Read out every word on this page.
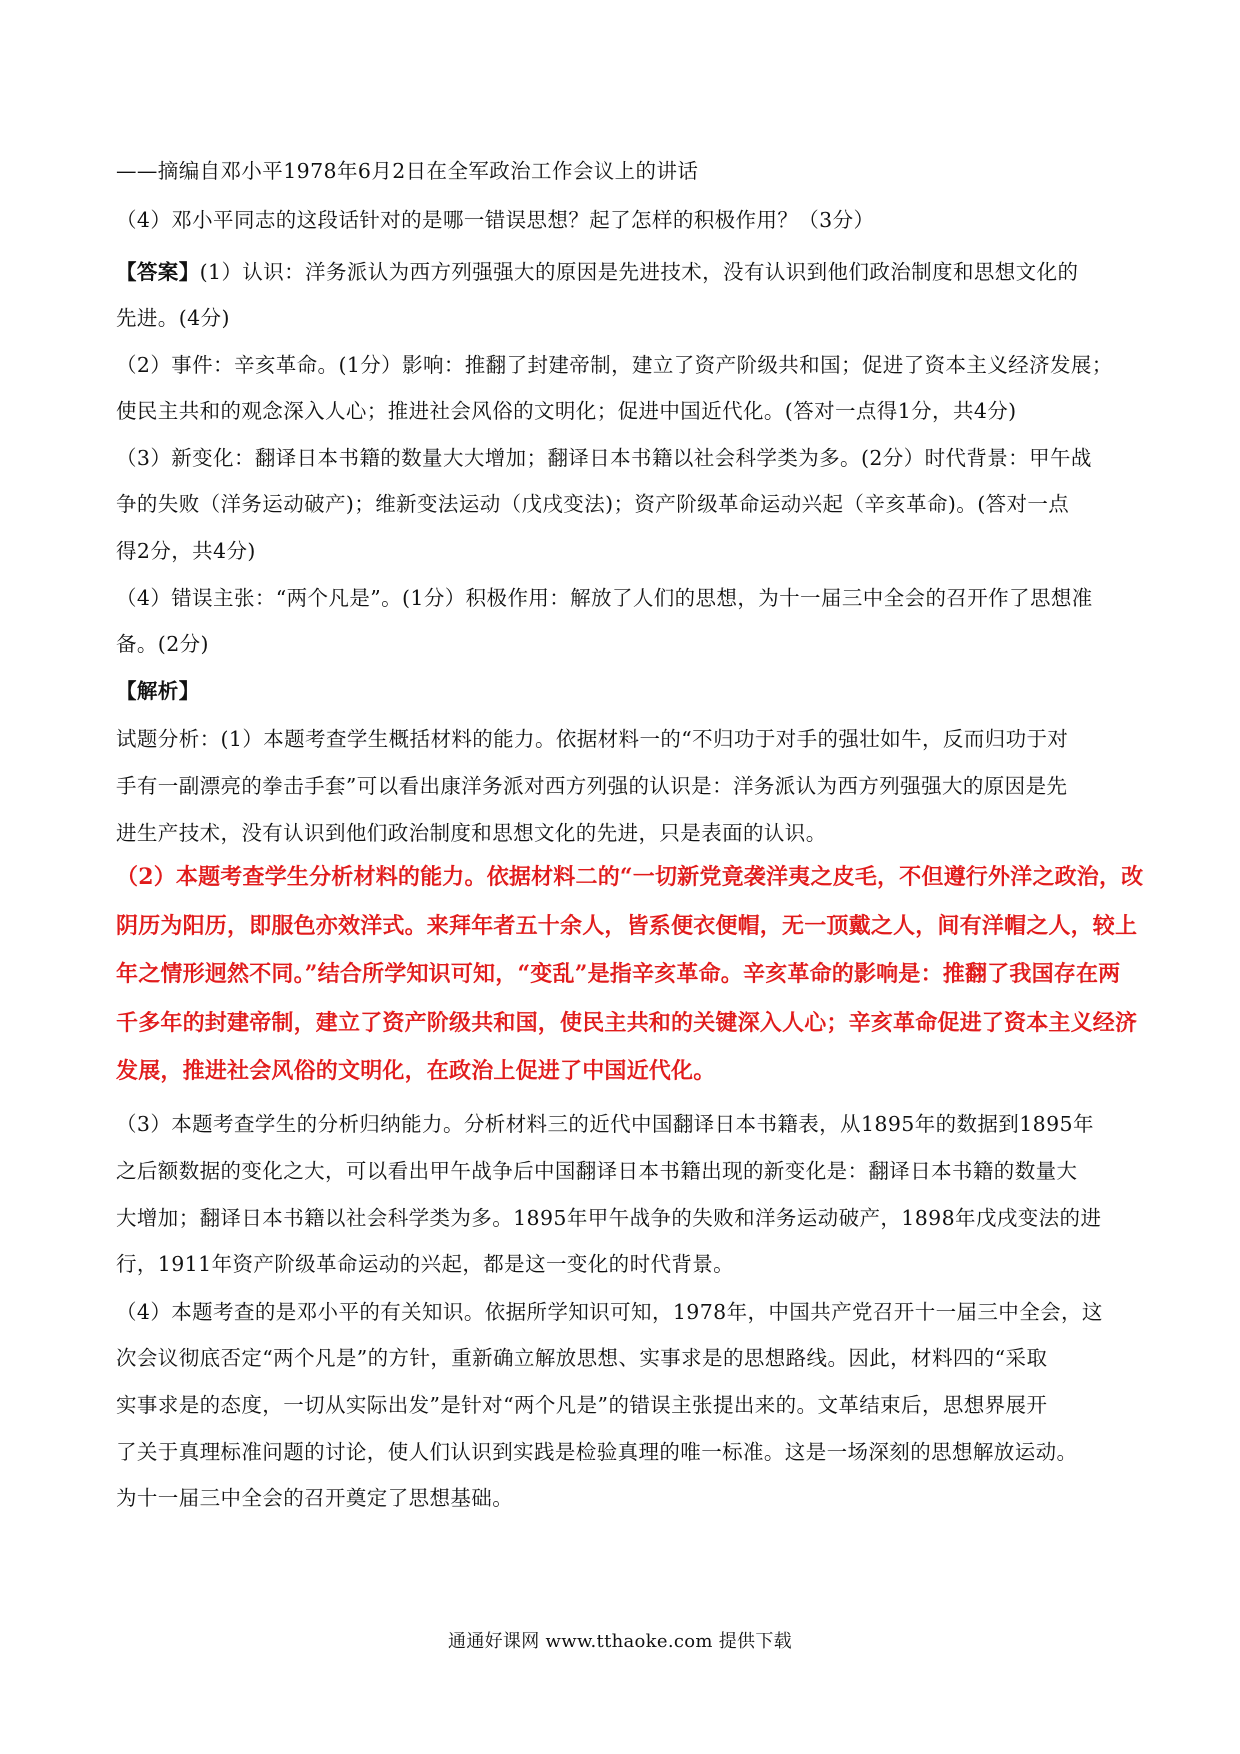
——摘编自邓小平1978年6月2日在全军政治工作会议上的讲话
（4）邓小平同志的这段话针对的是哪一错误思想？起了怎样的积极作用？（3分）
【答案】(1）认识：洋务派认为西方列强强大的原因是先进技术，没有认识到他们政治制度和思想文化的
先进。(4分)
（2）事件：辛亥革命。(1分）影响：推翻了封建帝制，建立了资产阶级共和国；促进了资本主义经济发展；
使民主共和的观念深入人心；推进社会风俗的文明化；促进中国近代化。(答对一点得1分，共4分)
（3）新变化：翻译日本书籍的数量大大增加；翻译日本书籍以社会科学类为多。(2分）时代背景：甲午战
争的失败（洋务运动破产)；维新变法运动（戊戌变法)；资产阶级革命运动兴起（辛亥革命)。(答对一点
得2分，共4分)
（4）错误主张：“两个凡是”。(1分）积极作用：解放了人们的思想，为十一届三中全会的召开作了思想准
备。(2分)
【解析】
试题分析：(1）本题考查学生概括材料的能力。依据材料一的“不归功于对手的强壮如牛，反而归功于对
手有一副漂亮的拳击手套”可以看出康洋务派对西方列强的认识是：洋务派认为西方列强强大的原因是先
进生产技术，没有认识到他们政治制度和思想文化的先进，只是表面的认识。
（2）本题考查学生分析材料的能力。依据材料二的“一切新党竟袭洋夷之皮毛，不但遵行外洋之政治，改
阴历为阳历，即服色亦效洋式。来拜年者五十余人，皆系便衣便帽，无一顶戴之人，间有洋帽之人，较上
年之情形迥然不同。”结合所学知识可知，“变乱”是指辛亥革命。辛亥革命的影响是：推翻了我国存在两
千多年的封建帝制，建立了资产阶级共和国，使民主共和的关键深入人心；辛亥革命促进了资本主义经济
发展，推进社会风俗的文明化，在政治上促进了中国近代化。
（3）本题考查学生的分析归纳能力。分析材料三的近代中国翻译日本书籍表，从1895年的数据到1895年
之后额数据的变化之大，可以看出甲午战争后中国翻译日本书籍出现的新变化是：翻译日本书籍的数量大
大增加；翻译日本书籍以社会科学类为多。1895年甲午战争的失败和洋务运动破产，1898年戊戌变法的进
行，1911年资产阶级革命运动的兴起，都是这一变化的时代背景。
（4）本题考查的是邓小平的有关知识。依据所学知识可知，1978年，中国共产党召开十一届三中全会，这
次会议彻底否定“两个凡是”的方针，重新确立解放思想、实事求是的思想路线。因此，材料四的“采取
实事求是的态度，一切从实际出发”是针对“两个凡是”的错误主张提出来的。文革结束后，思想界展开
了关于真理标准问题的讨论，使人们认识到实践是检验真理的唯一标准。这是一场深刻的思想解放运动。
为十一届三中全会的召开奠定了思想基础。
通通好课网 www.tthaoke.com 提供下载
